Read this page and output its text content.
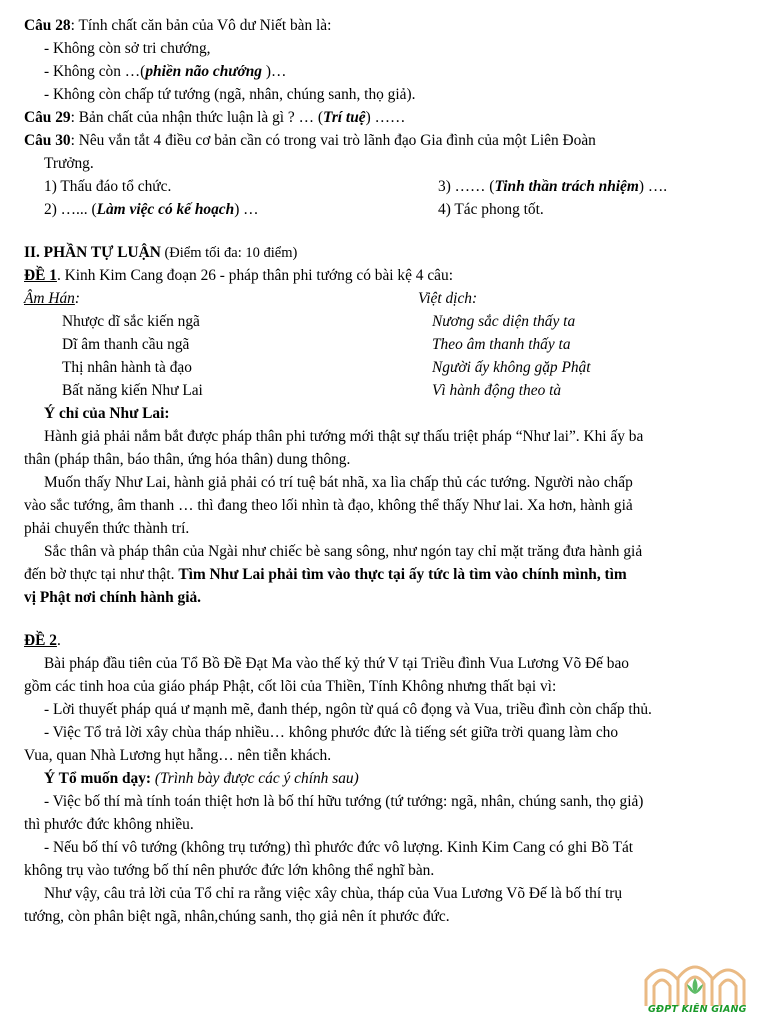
Câu 28: Tính chất căn bản của Vô dư Niết bàn là:
- Không còn sở tri chướng,
- Không còn …(phiền não chướng )…
- Không còn chấp tứ tướng (ngã, nhân, chúng sanh, thọ giả).
Câu 29: Bản chất của nhận thức luận là gì ? … (Trí tuệ) ……
Câu 30: Nêu vắn tắt 4 điều cơ bản cần có trong vai trò lãnh đạo Gia đình của một Liên Đoàn
Trưởng.
1) Thấu đáo tổ chức.	3) …… (Tinh thần trách nhiệm) ….
2) …... (Làm việc có kế hoạch) …	4) Tác phong tốt.
II. PHẦN TỰ LUẬN (Điểm tối đa: 10 điểm)
ĐỀ 1. Kinh Kim Cang đoạn 26 - pháp thân phi tướng có bài kệ 4 câu:
Âm Hán:	Việt dịch:
Nhược dĩ sắc kiến ngã	Nương sắc diện thấy ta
Dĩ âm thanh cầu ngã	Theo âm thanh thấy ta
Thị nhân hành tà đạo	Người ấy không gặp Phật
Bất năng kiến Như Lai	Vì hành động theo tà
Ý chỉ của Như Lai:
Hành giả phải nắm bắt được pháp thân phi tướng mới thật sự thấu triệt pháp “Như lai”. Khi ấy ba
thân (pháp thân, báo thân, ứng hóa thân) dung thông.
Muốn thấy Như Lai, hành giả phải có trí tuệ bát nhã, xa lìa chấp thủ các tướng. Người nào chấp
vào sắc tướng, âm thanh … thì đang theo lối nhìn tà đạo, không thể thấy Như lai. Xa hơn, hành giả
phải chuyển thức thành trí.
Sắc thân và pháp thân của Ngài như chiếc bè sang sông, như ngón tay chỉ mặt trăng đưa hành giả
đến bờ thực tại như thật. Tìm Như Lai phải tìm vào thực tại ấy tức là tìm vào chính mình, tìm
vị Phật nơi chính hành giả.
ĐỀ 2.
Bài pháp đầu tiên của Tổ Bồ Đề Đạt Ma vào thế kỷ thứ V tại Triều đình Vua Lương Võ Đế bao
gồm các tinh hoa của giáo pháp Phật, cốt lõi của Thiền, Tính Không nhưng thất bại vì:
- Lời thuyết pháp quá ư mạnh mẽ, đanh thép, ngôn từ quá cô đọng và Vua, triều đình còn chấp thủ.
- Việc Tổ trả lời xây chùa tháp nhiều… không phước đức là tiếng sét giữa trời quang làm cho
Vua, quan Nhà Lương hụt hẫng… nên tiễn khách.
Ý Tổ muốn dạy: (Trình bày được các ý chính sau)
- Việc bố thí mà tính toán thiệt hơn là bố thí hữu tướng (tứ tướng: ngã, nhân, chúng sanh, thọ giả)
thì phước đức không nhiều.
- Nếu bố thí vô tướng (không trụ tướng) thì phước đức vô lượng. Kinh Kim Cang có ghi Bồ Tát
không trụ vào tướng bố thí nên phước đức lớn không thể nghĩ bàn.
Như vậy, câu trả lời của Tổ chỉ ra rằng việc xây chùa, tháp của Vua Lương Võ Đế là bố thí trụ
tướng, còn phân biệt ngã, nhân,chúng sanh, thọ giả nên ít phước đức.
GĐPT KIÊN GIANG
